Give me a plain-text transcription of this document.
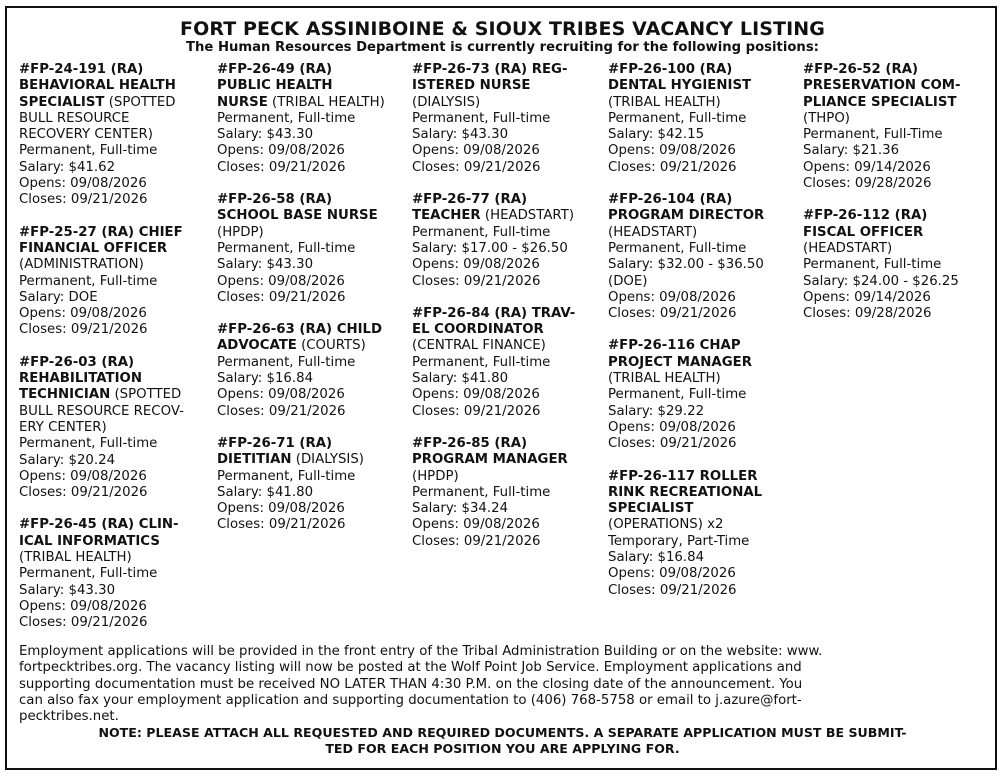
FORT PECK ASSINIBOINE & SIOUX TRIBES VACANCY LISTING
The Human Resources Department is currently recruiting for the following positions:
#FP-24-191 (RA)
BEHAVIORAL HEALTH
SPECIALIST (SPOTTED
BULL RESOURCE
RECOVERY CENTER)
Permanent, Full-time
Salary: $41.62
Opens: 09/08/2026
Closes: 09/21/2026
#FP-25-27 (RA) CHIEF
FINANCIAL OFFICER
(ADMINISTRATION)
Permanent, Full-time
Salary: DOE
Opens: 09/08/2026
Closes: 09/21/2026
#FP-26-03 (RA)
REHABILITATION
TECHNICIAN (SPOTTED
BULL RESOURCE RECOV-
ERY CENTER)
Permanent, Full-time
Salary: $20.24
Opens: 09/08/2026
Closes: 09/21/2026
#FP-26-45 (RA) CLIN-
ICAL INFORMATICS
(TRIBAL HEALTH)
Permanent, Full-time
Salary: $43.30
Opens: 09/08/2026
Closes: 09/21/2026
#FP-26-49 (RA)
PUBLIC HEALTH
NURSE (TRIBAL HEALTH)
Permanent, Full-time
Salary: $43.30
Opens: 09/08/2026
Closes: 09/21/2026
#FP-26-58 (RA)
SCHOOL BASE NURSE
(HPDP)
Permanent, Full-time
Salary: $43.30
Opens: 09/08/2026
Closes: 09/21/2026
#FP-26-63 (RA) CHILD
ADVOCATE (COURTS)
Permanent, Full-time
Salary: $16.84
Opens: 09/08/2026
Closes: 09/21/2026
#FP-26-71 (RA)
DIETITIAN (DIALYSIS)
Permanent, Full-time
Salary: $41.80
Opens: 09/08/2026
Closes: 09/21/2026
#FP-26-73 (RA) REG-
ISTERED NURSE
(DIALYSIS)
Permanent, Full-time
Salary: $43.30
Opens: 09/08/2026
Closes: 09/21/2026
#FP-26-77 (RA)
TEACHER (HEADSTART)
Permanent, Full-time
Salary: $17.00 - $26.50
Opens: 09/08/2026
Closes: 09/21/2026
#FP-26-84 (RA) TRAV-
EL COORDINATOR
(CENTRAL FINANCE)
Permanent, Full-time
Salary: $41.80
Opens: 09/08/2026
Closes: 09/21/2026
#FP-26-85 (RA)
PROGRAM MANAGER
(HPDP)
Permanent, Full-time
Salary: $34.24
Opens: 09/08/2026
Closes: 09/21/2026
#FP-26-100 (RA)
DENTAL HYGIENIST
(TRIBAL HEALTH)
Permanent, Full-time
Salary: $42.15
Opens: 09/08/2026
Closes: 09/21/2026
#FP-26-104 (RA)
PROGRAM DIRECTOR
(HEADSTART)
Permanent, Full-time
Salary: $32.00 - $36.50
(DOE)
Opens: 09/08/2026
Closes: 09/21/2026
#FP-26-116 CHAP
PROJECT MANAGER
(TRIBAL HEALTH)
Permanent, Full-time
Salary: $29.22
Opens: 09/08/2026
Closes: 09/21/2026
#FP-26-117 ROLLER
RINK RECREATIONAL
SPECIALIST
(OPERATIONS) x2
Temporary, Part-Time
Salary: $16.84
Opens: 09/08/2026
Closes: 09/21/2026
#FP-26-52 (RA)
PRESERVATION COM-
PLIANCE SPECIALIST
(THPO)
Permanent, Full-Time
Salary: $21.36
Opens: 09/14/2026
Closes: 09/28/2026
#FP-26-112 (RA)
FISCAL OFFICER
(HEADSTART)
Permanent, Full-time
Salary: $24.00 - $26.25
Opens: 09/14/2026
Closes: 09/28/2026
Employment applications will be provided in the front entry of the Tribal Administration Building or on the website: www.
fortpecktribes.org. The vacancy listing will now be posted at the Wolf Point Job Service. Employment applications and
supporting documentation must be received NO LATER THAN 4:30 P.M. on the closing date of the announcement. You
can also fax your employment application and supporting documentation to (406) 768-5758 or email to j.azure@fort-
pecktribes.net.
NOTE: PLEASE ATTACH ALL REQUESTED AND REQUIRED DOCUMENTS. A SEPARATE APPLICATION MUST BE SUBMIT-
TED FOR EACH POSITION YOU ARE APPLYING FOR.
